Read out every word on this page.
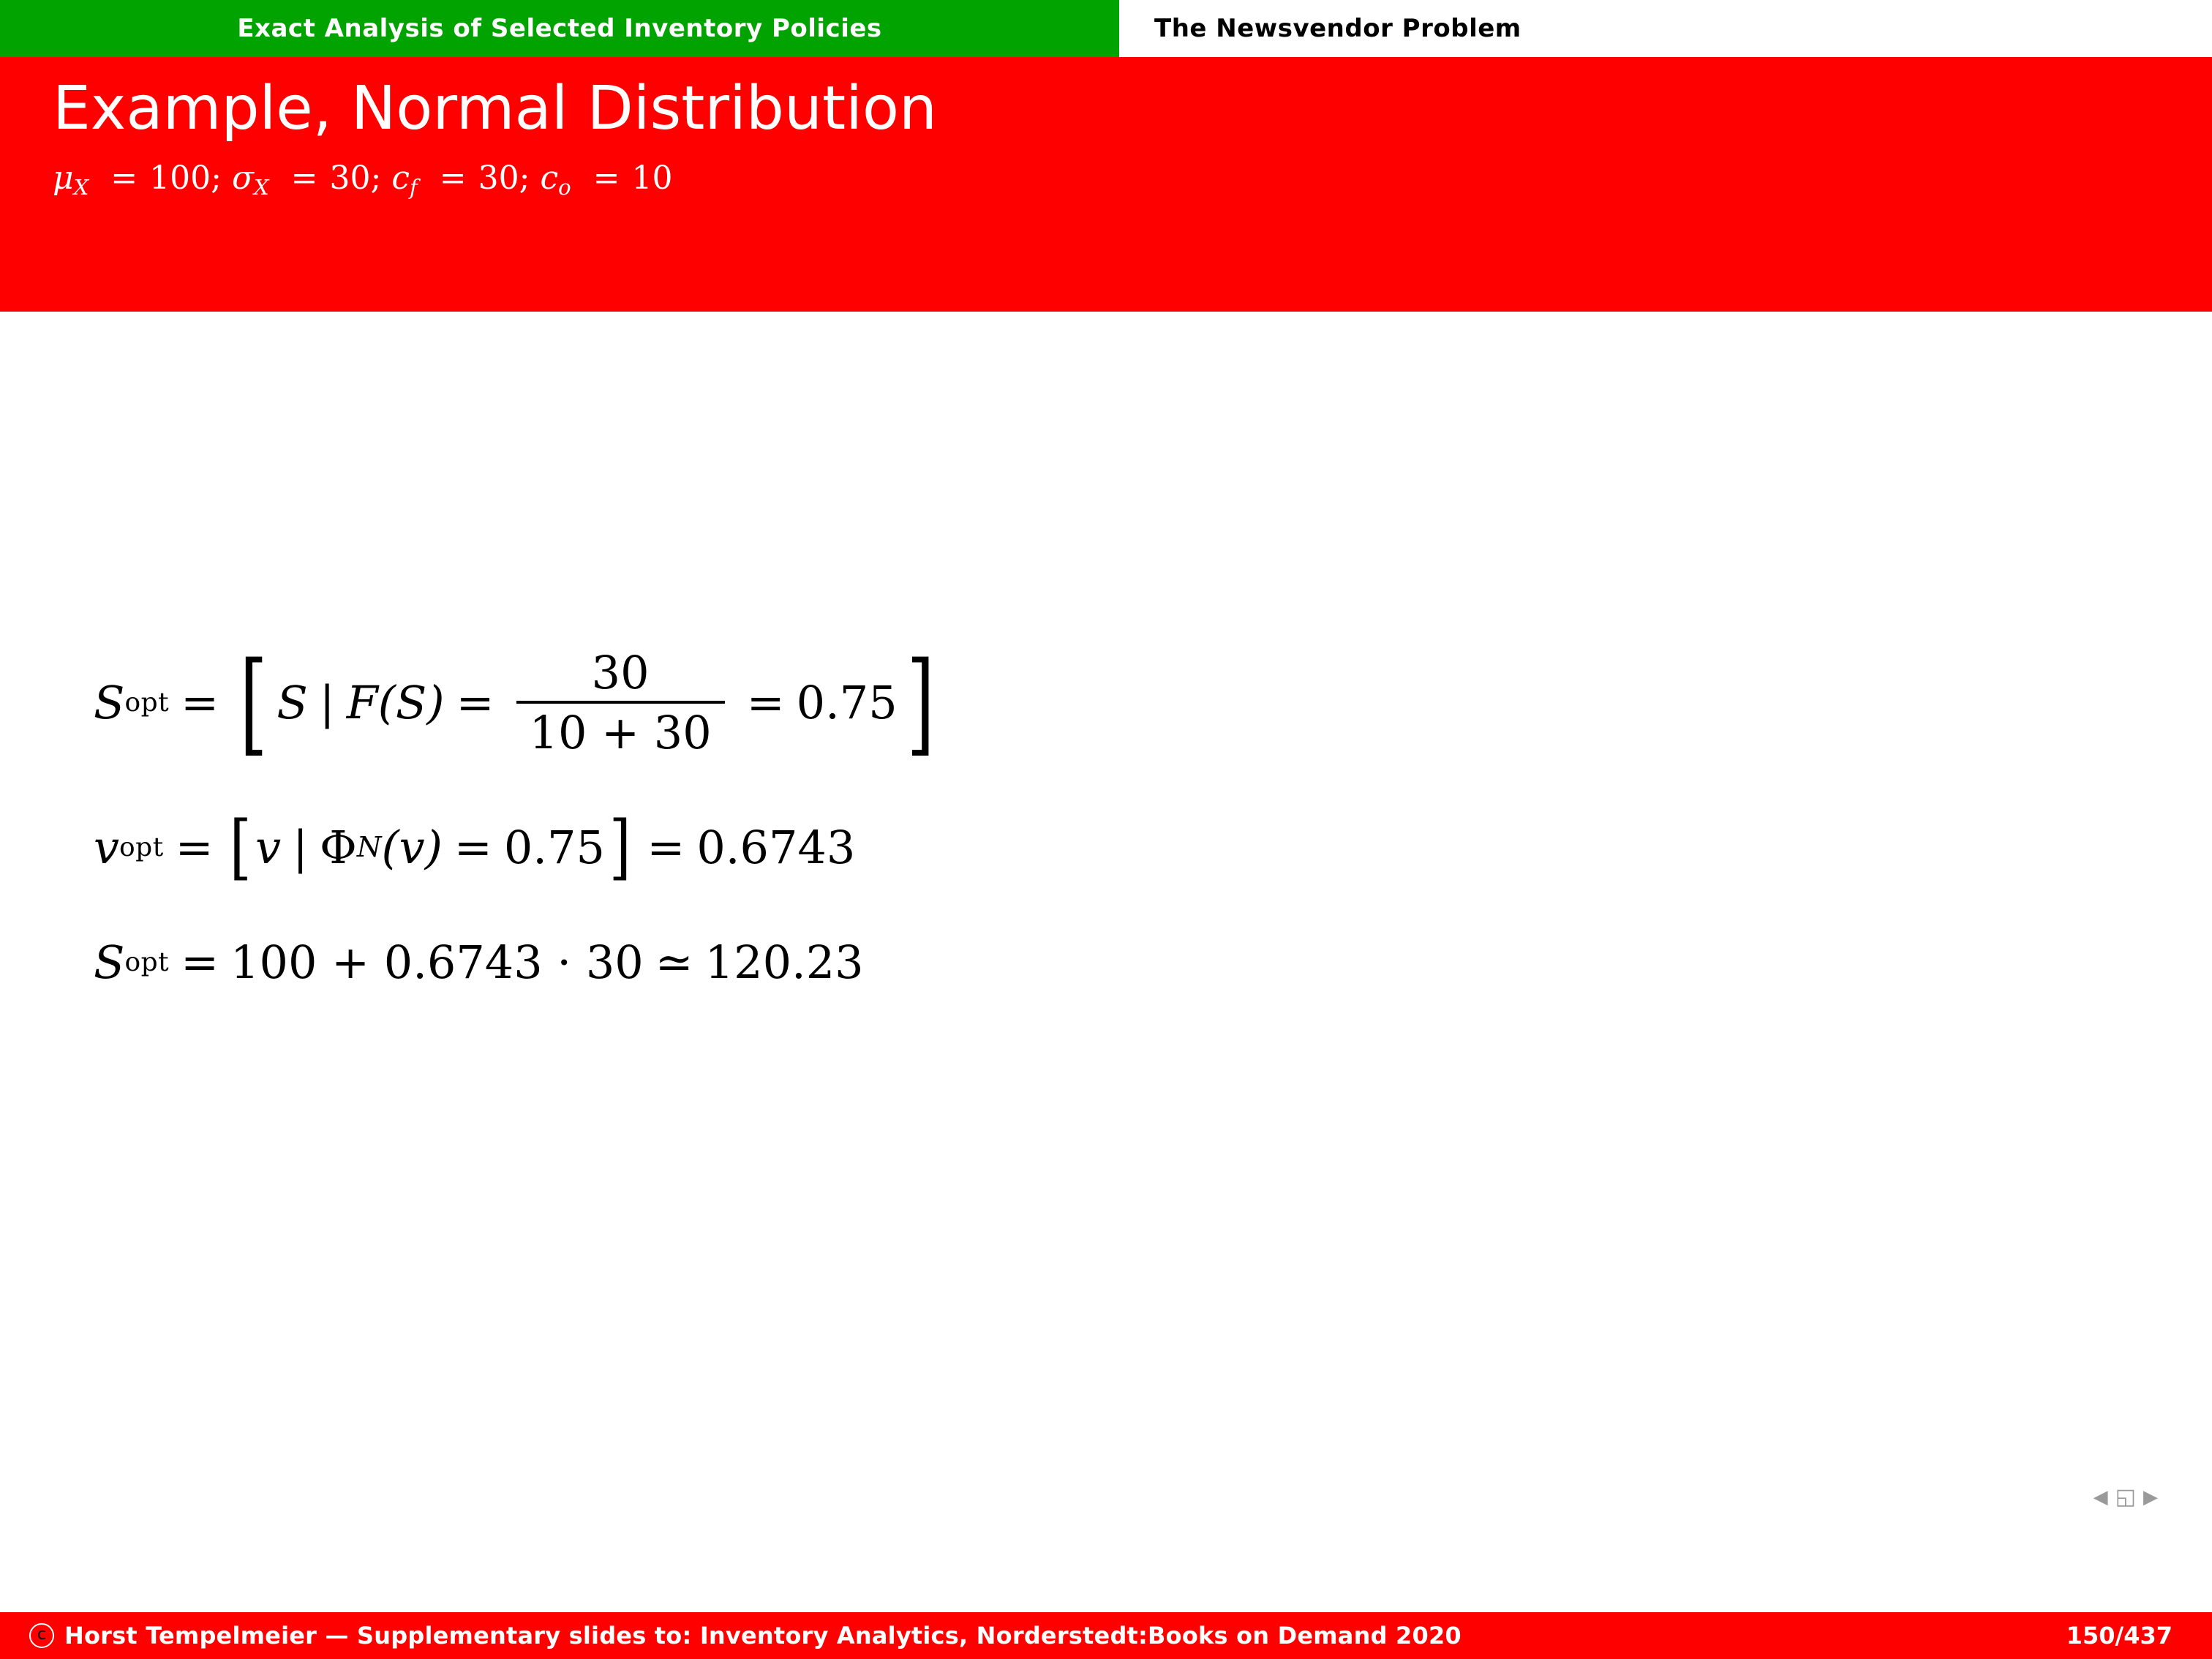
Exact Analysis of Selected Inventory Policies	The Newsvendor Problem
Example, Normal Distribution
$\mu_X = 100$; $\sigma_X = 30$; $c_f = 30$; $c_o = 10$
S opt = [ S | F $(S) = \frac{30}{10 + 30} = 0.75$ ]
v opt = [ v | Φ N (v) = 0.75 ] = 0.6743
S opt = 100 + 0.6743 · 30 ≃ 120.23
◀ ◱ ▶
c Horst Tempelmeier — Supplementary slides to: Inventory Analytics, Norderstedt:Books on Demand 2020	150/437
